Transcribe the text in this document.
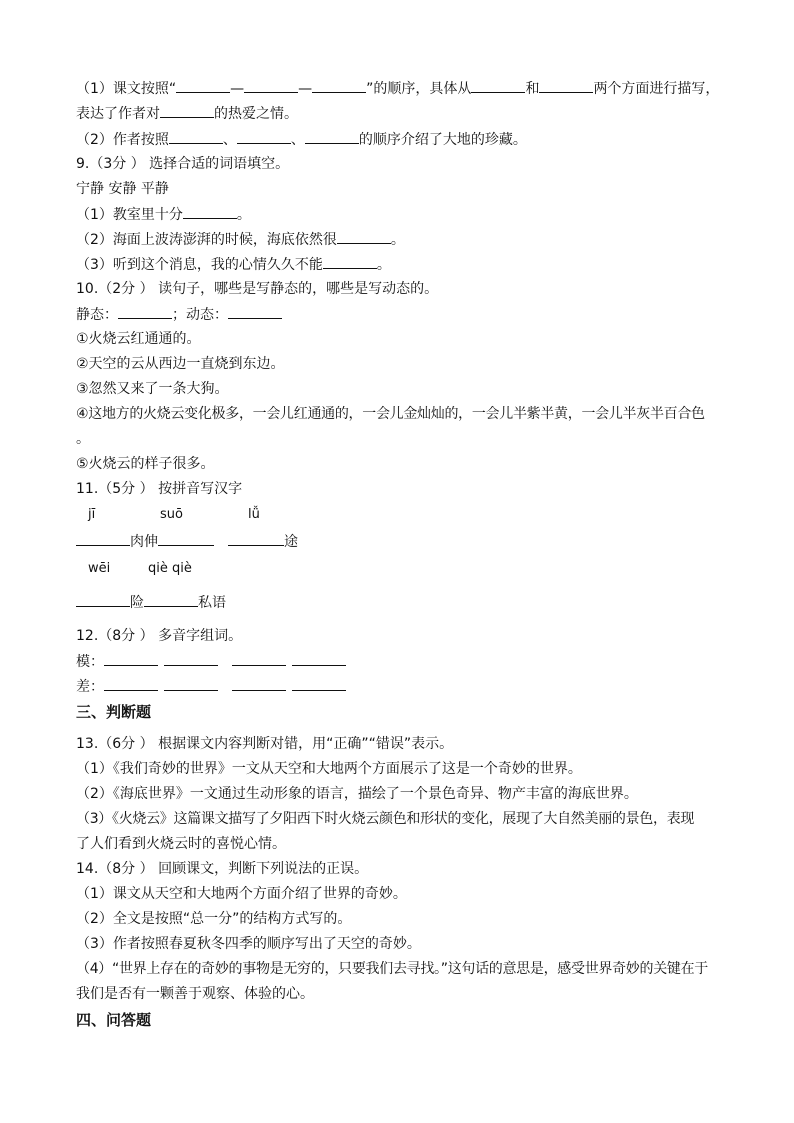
（1）课文按照“	—	—	”的顺序，具体从	和	两个方面进行描写，
表达了作者对	的热爱之情。
（2）作者按照	、	、	的顺序介绍了大地的珍藏。
9.（3分 ） 选择合适的词语填空。
宁静 安静 平静
（1）教室里十分	。
（2）海面上波涛澎湃的时候，海底依然很	。
（3）听到这个消息，我的心情久久不能	。
10.（2分 ） 读句子，哪些是写静态的，哪些是写动态的。
静态：	；动态：
①火烧云红通通的。
②天空的云从西边一直烧到东边。
③忽然又来了一条大狗。
④这地方的火烧云变化极多，一会儿红通通的，一会儿金灿灿的，一会儿半紫半黄，一会儿半灰半百合色
。
⑤火烧云的样子很多。
11.（5分 ） 按拼音写汉字
jī	suō	lǚ
肉伸	途
wēi	qiè qiè
险	私语
12.（8分 ） 多音字组词。
模：
差：
三、判断题
13.（6分 ） 根据课文内容判断对错，用“正确”“错误”表示。
（1）《我们奇妙的世界》一文从天空和大地两个方面展示了这是一个奇妙的世界。
（2）《海底世界》一文通过生动形象的语言，描绘了一个景色奇异、物产丰富的海底世界。
（3）《火烧云》这篇课文描写了夕阳西下时火烧云颜色和形状的变化，展现了大自然美丽的景色，表现
了人们看到火烧云时的喜悦心情。
14.（8分 ） 回顾课文，判断下列说法的正误。
（1）课文从天空和大地两个方面介绍了世界的奇妙。
（2）全文是按照“总一分”的结构方式写的。
（3）作者按照春夏秋冬四季的顺序写出了天空的奇妙。
（4）“世界上存在的奇妙的事物是无穷的，只要我们去寻找。”这句话的意思是，感受世界奇妙的关键在于
我们是否有一颗善于观察、体验的心。
四、问答题
